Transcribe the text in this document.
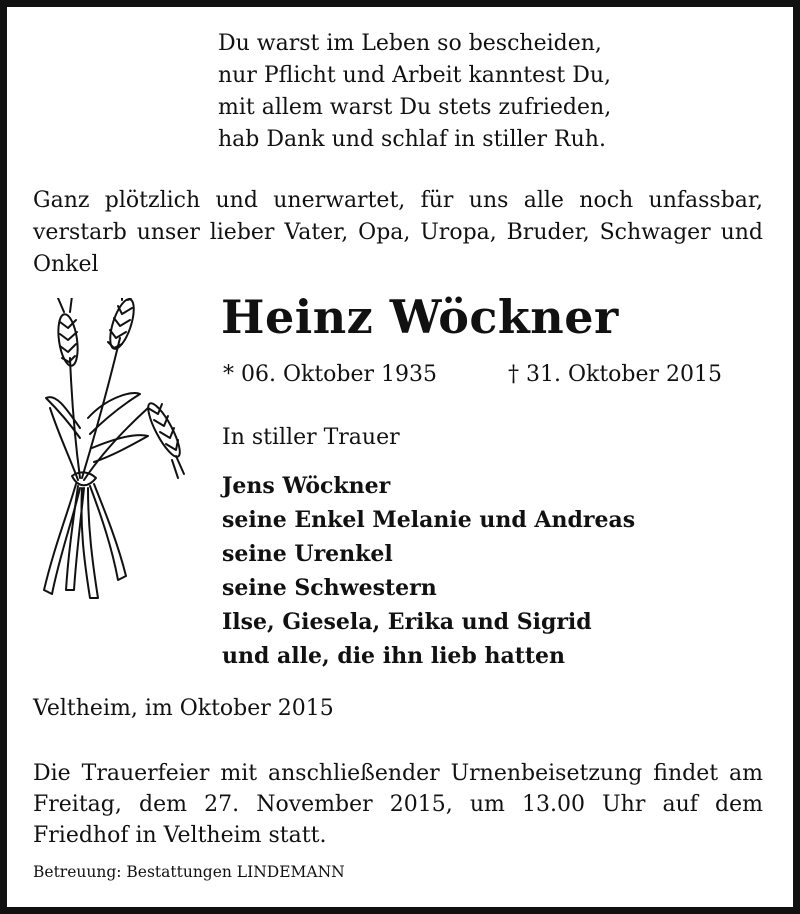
Du warst im Leben so bescheiden,
nur Pflicht und Arbeit kanntest Du,
mit allem warst Du stets zufrieden,
hab Dank und schlaf in stiller Ruh.
Ganz plötzlich und unerwartet, für uns alle noch unfassbar, verstarb unser lieber Vater, Opa, Uropa, Bruder, Schwager und Onkel
Heinz Wöckner
* 06. Oktober 1935	† 31. Oktober 2015
In stiller Trauer
Jens Wöckner
seine Enkel Melanie und Andreas
seine Urenkel
seine Schwestern
Ilse, Giesela, Erika und Sigrid
und alle, die ihn lieb hatten
Veltheim, im Oktober 2015
Die Trauerfeier mit anschließender Urnenbeisetzung findet am Freitag, dem 27. November 2015, um 13.00 Uhr auf dem Friedhof in Veltheim statt.
Betreuung: Bestattungen LINDEMANN
